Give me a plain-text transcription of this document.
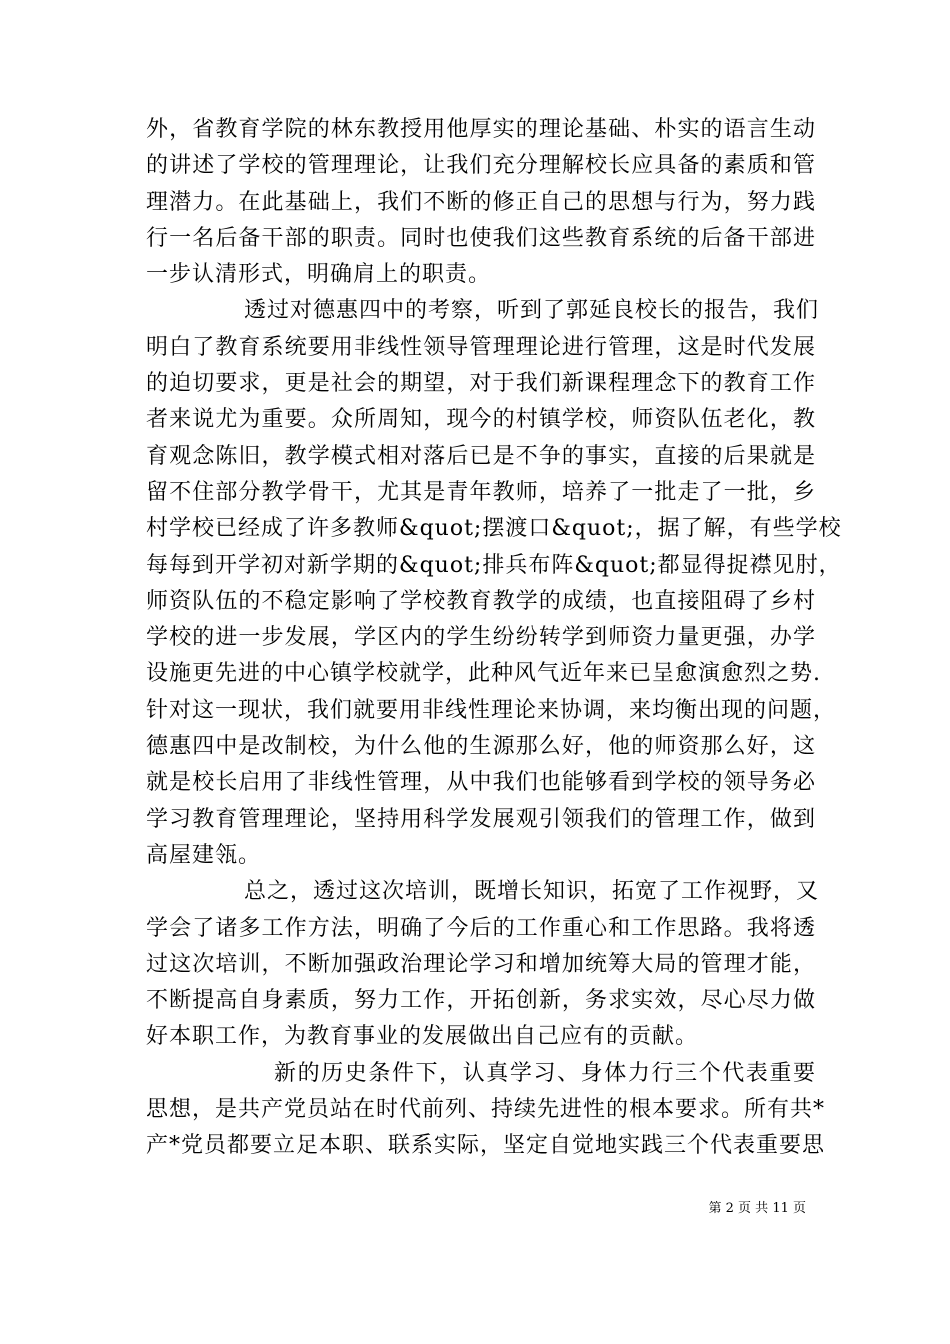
外，省教育学院的林东教授用他厚实的理论基础、朴实的语言生动
的讲述了学校的管理理论，让我们充分理解校长应具备的素质和管
理潜力。在此基础上，我们不断的修正自己的思想与行为，努力践
行一名后备干部的职责。同时也使我们这些教育系统的后备干部进
一步认清形式，明确肩上的职责。
透过对德惠四中的考察，听到了郭延良校长的报告，我们
明白了教育系统要用非线性领导管理理论进行管理，这是时代发展
的迫切要求，更是社会的期望，对于我们新课程理念下的教育工作
者来说尤为重要。众所周知，现今的村镇学校，师资队伍老化，教
育观念陈旧，教学模式相对落后已是不争的事实，直接的后果就是
留不住部分教学骨干，尤其是青年教师，培养了一批走了一批，乡
村学校已经成了许多教师&quot;摆渡口&quot;，据了解，有些学校
每每到开学初对新学期的&quot;排兵布阵&quot;都显得捉襟见肘，
师资队伍的不稳定影响了学校教育教学的成绩，也直接阻碍了乡村
学校的进一步发展，学区内的学生纷纷转学到师资力量更强，办学
设施更先进的中心镇学校就学，此种风气近年来已呈愈演愈烈之势.
针对这一现状，我们就要用非线性理论来协调，来均衡出现的问题，
德惠四中是改制校，为什么他的生源那么好，他的师资那么好，这
就是校长启用了非线性管理，从中我们也能够看到学校的领导务必
学习教育管理理论，坚持用科学发展观引领我们的管理工作，做到
高屋建瓴。
总之，透过这次培训，既增长知识，拓宽了工作视野，又
学会了诸多工作方法，明确了今后的工作重心和工作思路。我将透
过这次培训，不断加强政治理论学习和增加统筹大局的管理才能，
不断提高自身素质，努力工作，开拓创新，务求实效，尽心尽力做
好本职工作，为教育事业的发展做出自己应有的贡献。
新的历史条件下，认真学习、身体力行三个代表重要
思想，是共产党员站在时代前列、持续先进性的根本要求。所有共*
产*党员都要立足本职、联系实际，坚定自觉地实践三个代表重要思
第 2 页 共 11 页
